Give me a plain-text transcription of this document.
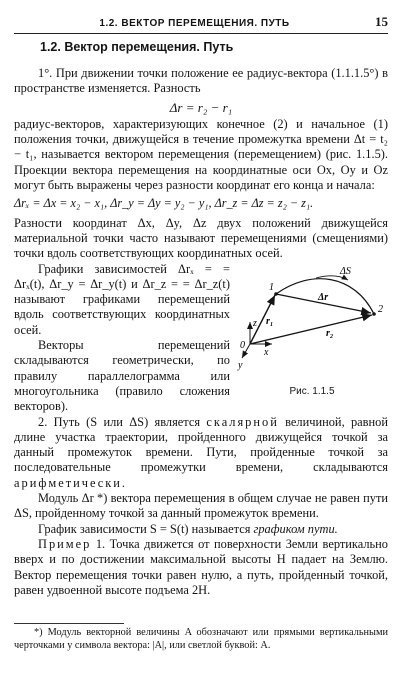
1.2. ВЕКТОР ПЕРЕМЕЩЕНИЯ. ПУТЬ	15
1.2. Вектор перемещения. Путь

1°. При движении точки положение ее радиус-вектора (1.1.1.5°) в пространстве изменяется. Разность

Δr = r₂ − r₁

радиус-векторов, характеризующих конечное (2) и начальное (1) положения точки, движущейся в течение промежутка времени Δt = t₂ − t₁, называется вектором перемещения (перемещением) (рис. 1.1.5). Проекции вектора перемещения на координатные оси Ox, Oy и Oz могут быть выражены через разности координат его конца и начала:

Δrₓ = Δx = x₂ − x₁, Δr_y = Δy = y₂ − y₁, Δr_z = Δz = z₂ − z₁.

Разности координат Δx, Δy, Δz двух положений движущейся материальной точки часто называют перемещениями (смещениями) точки вдоль соответствующих координатных осей.

1
2
ΔS
r₁
Δr
r₂
0
x
y
z
Рис. 1.1.5

Графики зависимостей Δrₓ = = Δrₓ(t), Δr_y = Δr_y(t) и Δr_z = = Δr_z(t) называют графиками перемещений вдоль соответствующих координатных осей.

Векторы перемещений складываются геометрически, по правилу параллелограмма или многоугольника (правило сложения векторов).

2. Путь (S или ΔS) является скалярной величиной, равной длине участка траектории, пройденного движущейся точкой за данный промежуток времени. Пути, пройденные точкой за последовательные промежутки времени, складываются арифметически.

Модуль Δr *) вектора перемещения в общем случае не равен пути ΔS, пройденному точкой за данный промежуток времени.

График зависимости S = S(t) называется графиком пути.

Пример 1. Точка движется от поверхности Земли вертикально вверх и по достижении максимальной высоты H падает на Землю. Вектор перемещения точки равен нулю, а путь, пройденный точкой, равен удвоенной высоте подъема 2H.

*) Модуль векторной величины A обозначают или прямыми вертикальными черточками у символа вектора: |A|, или светлой буквой: A.
